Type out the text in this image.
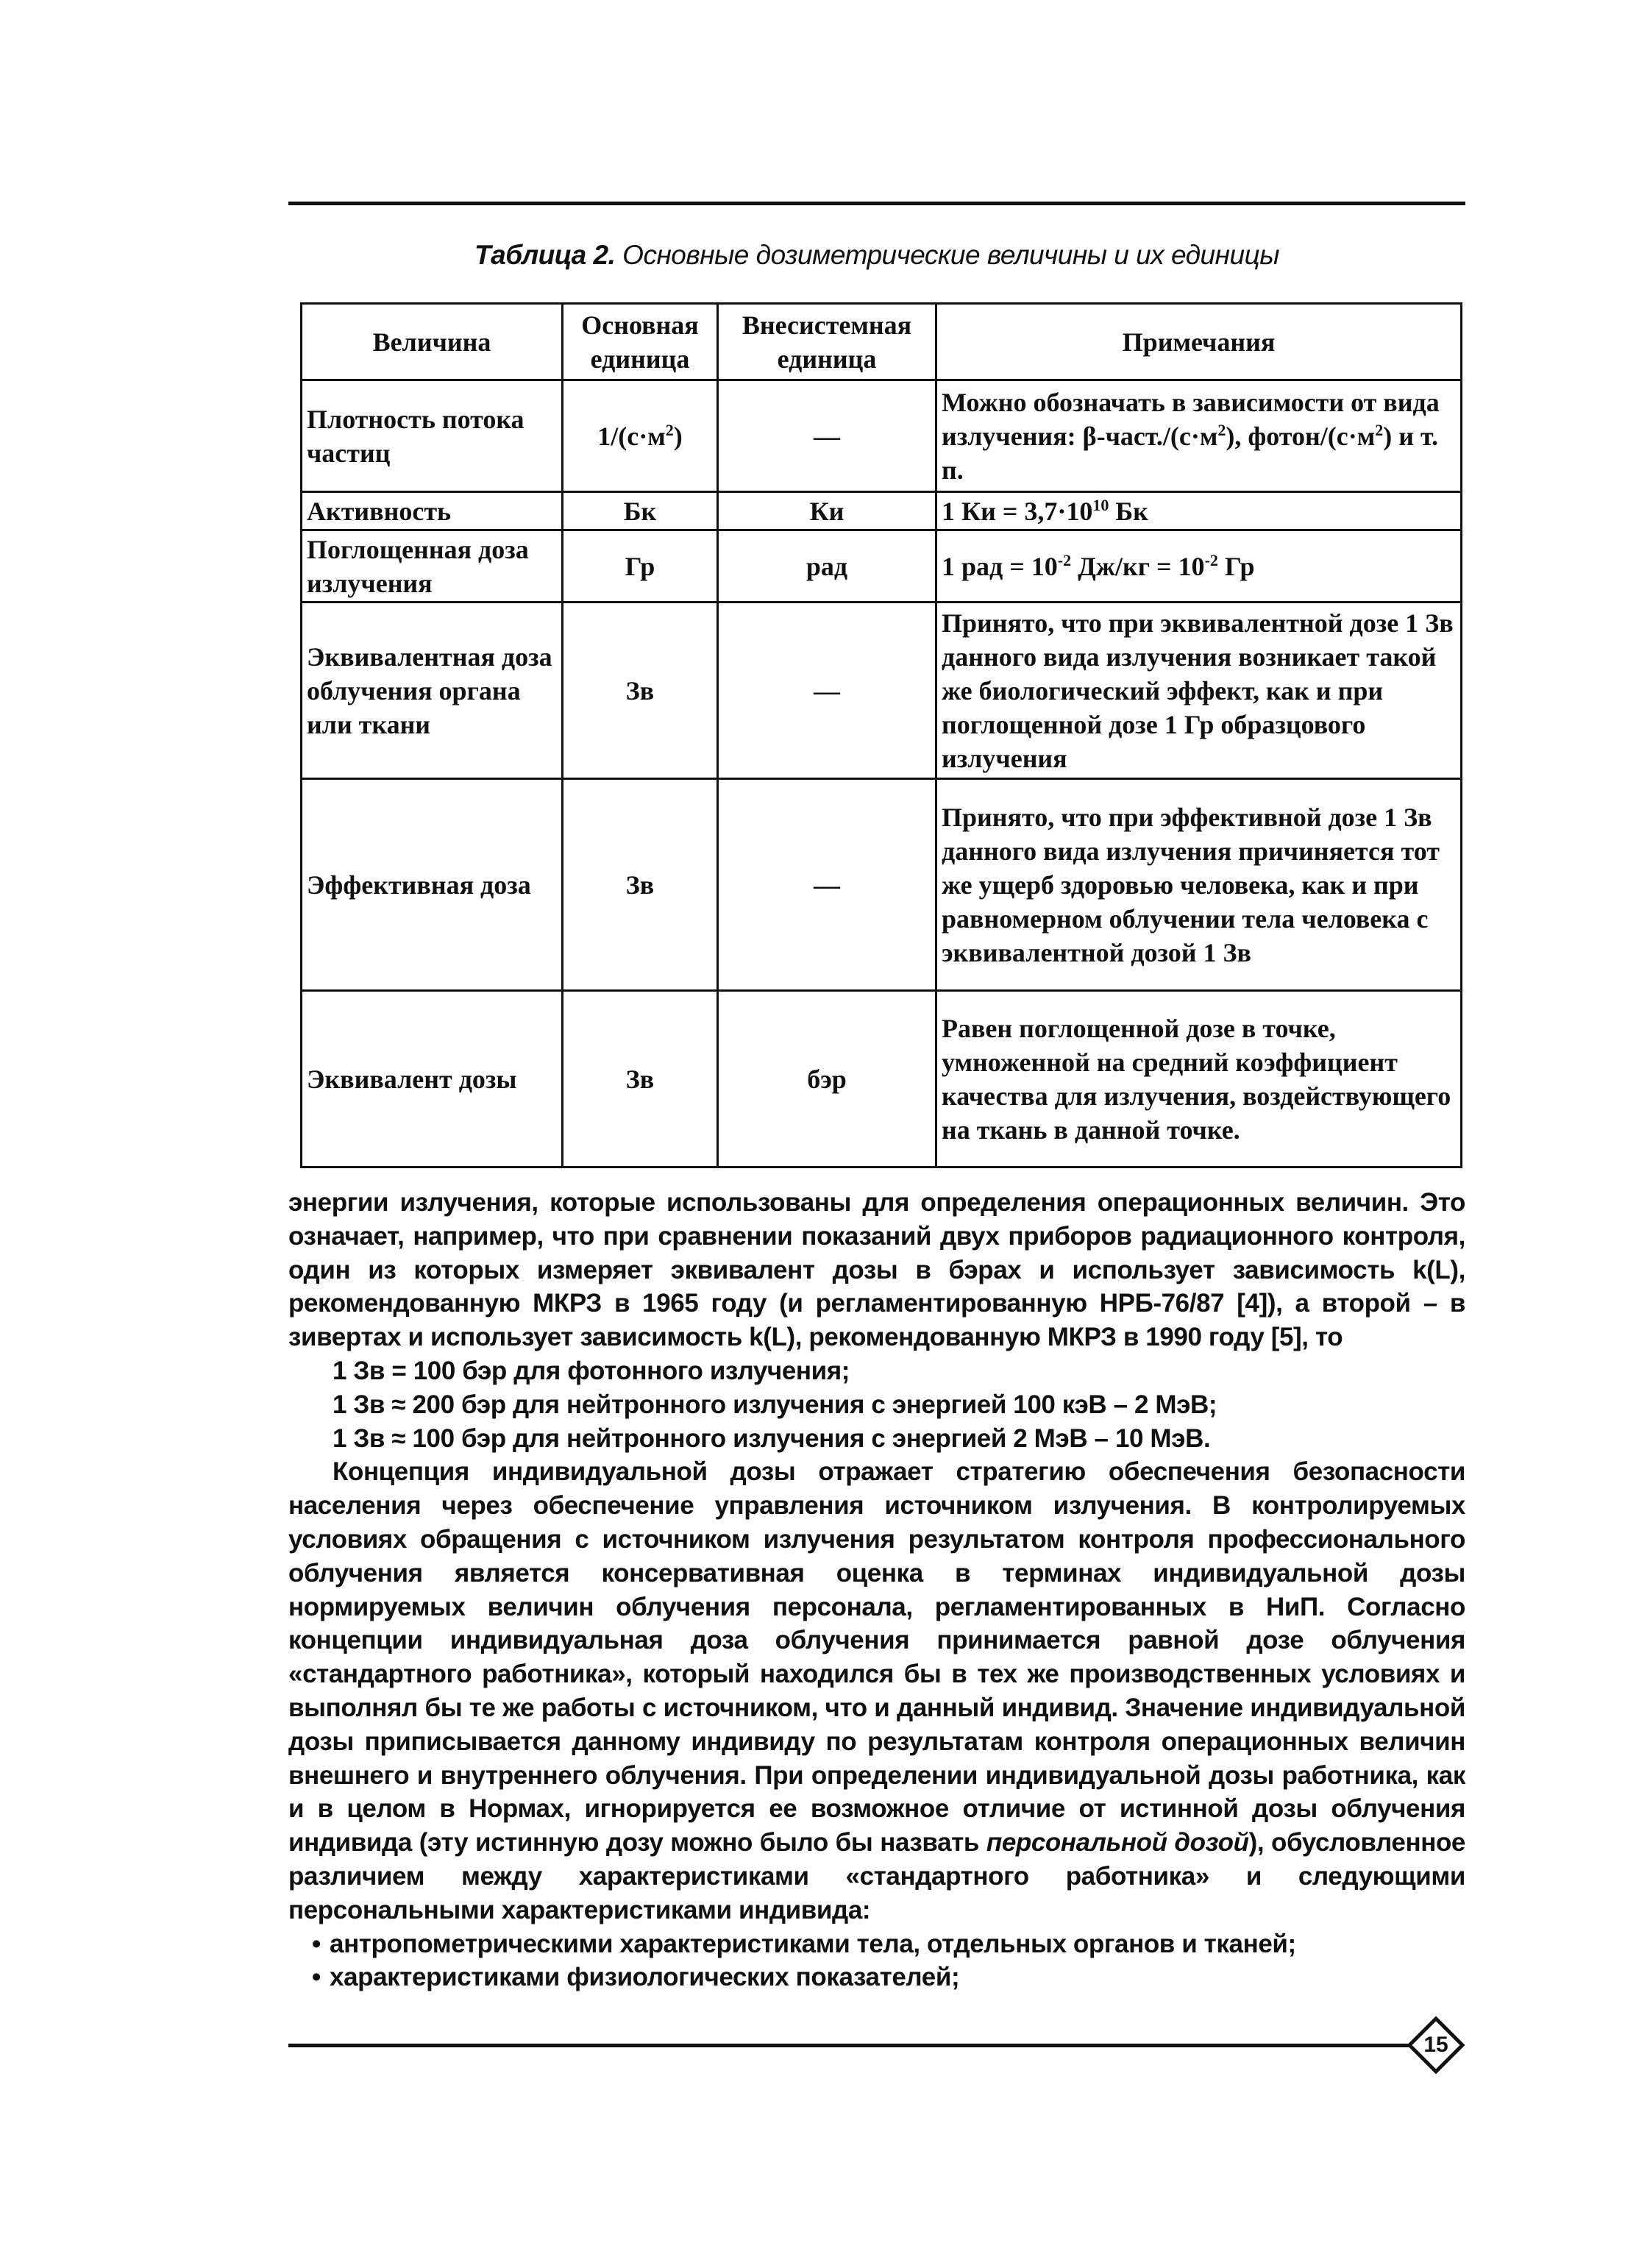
Таблица 2. Основные дозиметрические величины и их единицы
Величина	Основная единица	Внесистемная единица	Примечания
Плотность потока частиц	$1/(с\cdot м^2)$	—	Можно обозначать в зависимости от вида излучения: $\beta-част./(с\cdot м^2)$, фотон/$(с\cdot м^2)$ и т. п.
Активность	Бк	Ки	1 Ки = $3,7\cdot 10^{10}$ Бк
Поглощенная доза излучения	Гр	рад	1 рад = $10^{-2}$ $Дж/кг = 10^{-2}$ Гр
Эквивалентная доза облучения органа или ткани	Зв	—	Принято, что при эквивалентной дозе 1 Зв данного вида излучения возникает такой же биологический эффект, как и при поглощенной дозе 1 Гр образцового излучения
Эффективная доза	Зв	—	Принято, что при эффективной дозе 1 Зв данного вида излучения причиняется тот же ущерб здоровью человека, как и при равномерном облучении тела человека с эквивалентной дозой 1 Зв
Эквивалент дозы	Зв	бэр	Равен поглощенной дозе в точке, умноженной на средний коэффициент качества для излучения, воздействующего на ткань в данной точке.

энергии излучения, которые использованы для определения операционных величин. Это означает, например, что при сравнении показаний двух приборов радиационного контроля, один из которых измеряет эквивалент дозы в бэрах и использует зависимость k(L), рекомендованную МКРЗ в 1965 году (и регламентированную НРБ-76/87 [4]), а второй – в зивертах и использует зависимость k(L), рекомендованную МКРЗ в 1990 году [5], то

1 Зв = 100 бэр для фотонного излучения;

1 Зв ≈ 200 бэр для нейтронного излучения с энергией 100 кэВ – 2 МэВ;

1 Зв ≈ 100 бэр для нейтронного излучения с энергией 2 МэВ – 10 МэВ.

Концепция индивидуальной дозы отражает стратегию обеспечения безопасности населения через обеспечение управления источником излучения. В контролируемых условиях обращения с источником излучения результатом контроля профессионального облучения является консервативная оценка в терминах индивидуальной дозы нормируемых величин облучения персонала, регламентированных в НиП. Согласно концепции индивидуальная доза облучения принимается равной дозе облучения «стандартного работника», который находился бы в тех же производственных условиях и выполнял бы те же работы с источником, что и данный индивид. Значение индивидуальной дозы приписывается данному индивиду по результатам контроля операционных величин внешнего и внутреннего облучения. При определении индивидуальной дозы работника, как и в целом в Нормах, игнорируется ее возможное отличие от истинной дозы облучения индивида (эту истинную дозу можно было бы назвать персональной дозой), обусловленное различием между характеристиками «стандартного работника» и следующими персональными характеристиками индивида:

• антропометрическими характеристиками тела, отдельных органов и тканей;

• характеристиками физиологических показателей;

15
